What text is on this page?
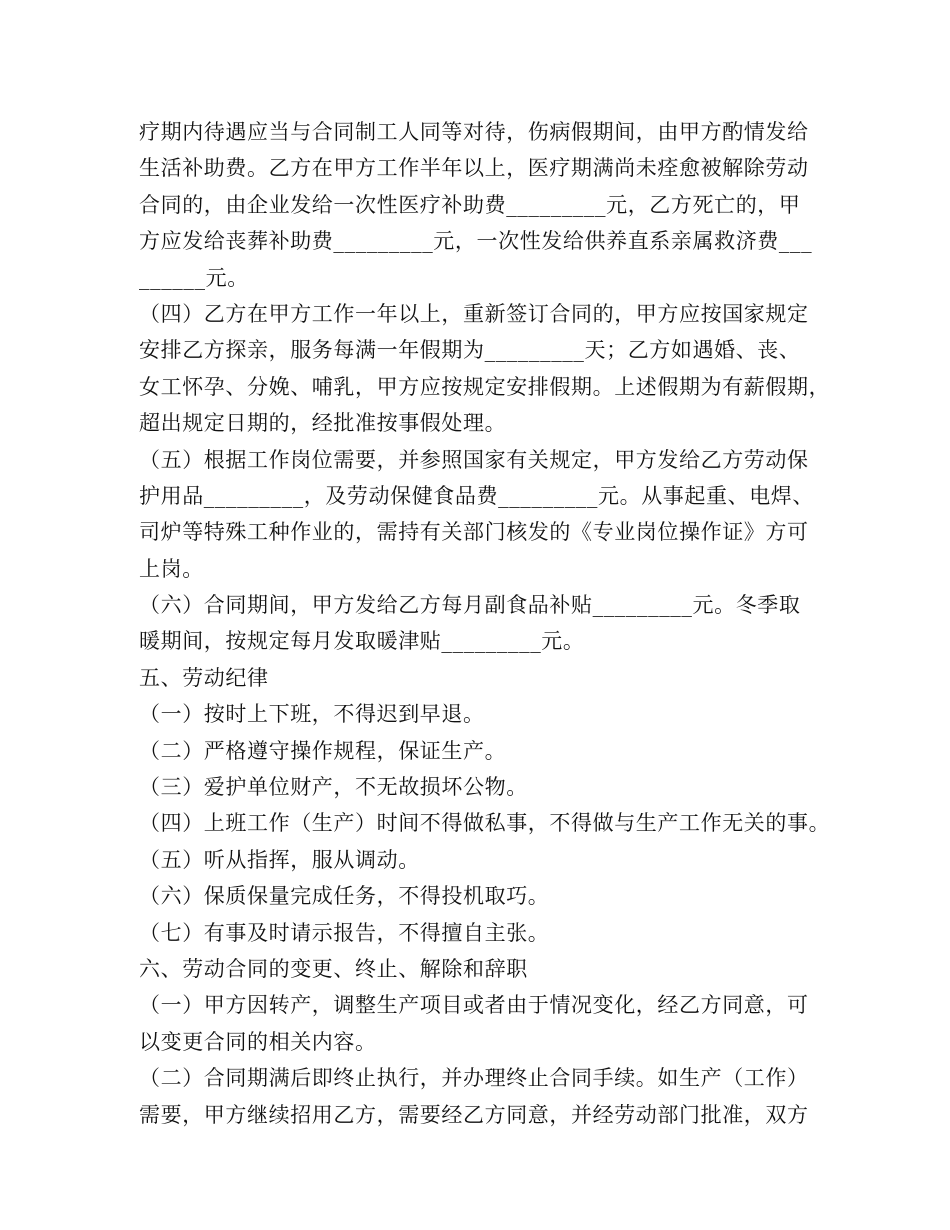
疗期内待遇应当与合同制工人同等对待，伤病假期间，由甲方酌情发给
生活补助费。乙方在甲方工作半年以上，医疗期满尚未痊愈被解除劳动
合同的，由企业发给一次性医疗补助费_________元，乙方死亡的，甲
方应发给丧葬补助费_________元，一次性发给供养直系亲属救济费___
______元。
（四）乙方在甲方工作一年以上，重新签订合同的，甲方应按国家规定
安排乙方探亲，服务每满一年假期为_________天；乙方如遇婚、丧、
女工怀孕、分娩、哺乳，甲方应按规定安排假期。上述假期为有薪假期，
超出规定日期的，经批准按事假处理。
（五）根据工作岗位需要，并参照国家有关规定，甲方发给乙方劳动保
护用品_________，及劳动保健食品费_________元。从事起重、电焊、
司炉等特殊工种作业的，需持有关部门核发的《专业岗位操作证》方可
上岗。
（六）合同期间，甲方发给乙方每月副食品补贴_________元。冬季取
暖期间，按规定每月发取暖津贴_________元。
五、劳动纪律
（一）按时上下班，不得迟到早退。
（二）严格遵守操作规程，保证生产。
（三）爱护单位财产，不无故损坏公物。
（四）上班工作（生产）时间不得做私事，不得做与生产工作无关的事。
（五）听从指挥，服从调动。
（六）保质保量完成任务，不得投机取巧。
（七）有事及时请示报告，不得擅自主张。
六、劳动合同的变更、终止、解除和辞职
（一）甲方因转产，调整生产项目或者由于情况变化，经乙方同意，可
以变更合同的相关内容。
（二）合同期满后即终止执行，并办理终止合同手续。如生产（工作）
需要，甲方继续招用乙方，需要经乙方同意，并经劳动部门批准，双方
